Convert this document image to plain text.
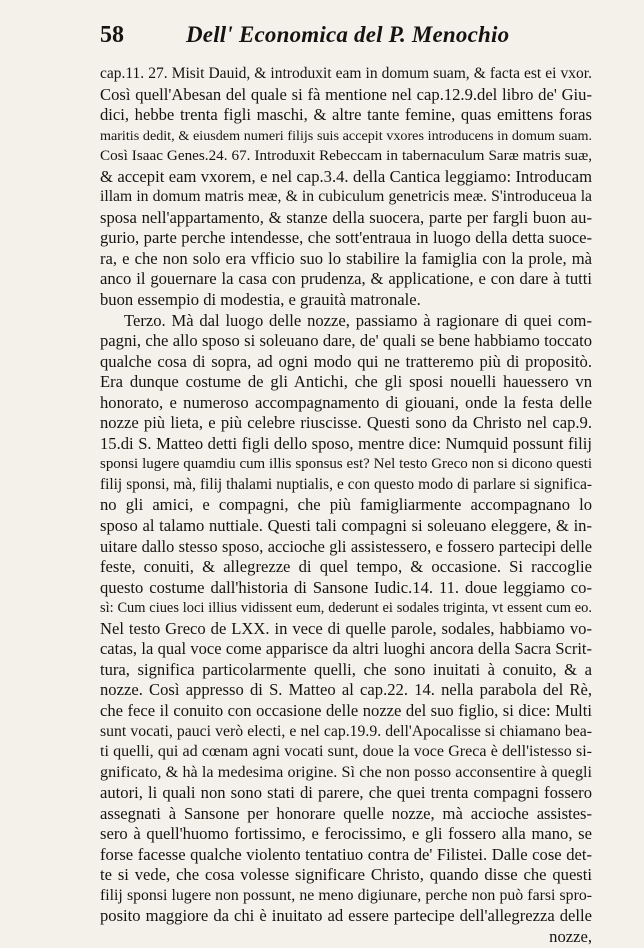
58	Dell' Economica del P. Menochio
cap.11. 27. Misit Dauid, & introduxit eam in domum suam, & facta est ei vxor.
Così quell'Abesan del quale si fà mentione nel cap.12.9.del libro de' Giu-
dici, hebbe trenta figli maschi, & altre tante femine, quas emittens foras
maritis dedit, & eiusdem numeri filijs suis accepit vxores introducens in domum suam.
Così Isaac Genes.24. 67. Introduxit Rebeccam in tabernaculum Saræ matris suæ,
& accepit eam vxorem, e nel cap.3.4. della Cantica leggiamo: Introducam
illam in domum matris meæ, & in cubiculum genetricis meæ. S'introduceua la
sposa nell'appartamento, & stanze della suocera, parte per fargli buon au-
gurio, parte perche intendesse, che sott'entraua in luogo della detta suoce-
ra, e che non solo era vfficio suo lo stabilire la famiglia con la prole, mà
anco il gouernare la casa con prudenza, & applicatione, e con dare à tutti
buon essempio di modestia, e grauità matronale.
Terzo. Mà dal luogo delle nozze, passiamo à ragionare di quei com-
pagni, che allo sposo si soleuano dare, de' quali se bene habbiamo toccato
qualche cosa di sopra, ad ogni modo qui ne tratteremo più di propositò.
Era dunque costume de gli Antichi, che gli sposi nouelli hauessero vn
honorato, e numeroso accompagnamento di giouani, onde la festa delle
nozze più lieta, e più celebre riuscisse. Questi sono da Christo nel cap.9.
15.di S. Matteo detti figli dello sposo, mentre dice: Numquid possunt filij
sponsi lugere quamdiu cum illis sponsus est? Nel testo Greco non si dicono questi
filij sponsi, mà, filij thalami nuptialis, e con questo modo di parlare si significa-
no gli amici, e compagni, che più famigliarmente accompagnano lo
sposo al talamo nuttiale. Questi tali compagni si soleuano eleggere, & in-
uitare dallo stesso sposo, accioche gli assistessero, e fossero partecipi delle
feste, conuiti, & allegrezze di quel tempo, & occasione. Si raccoglie
questo costume dall'historia di Sansone Iudic.14. 11. doue leggiamo co-
sì: Cum ciues loci illius vidissent eum, dederunt ei sodales triginta, vt essent cum eo.
Nel testo Greco de LXX. in vece di quelle parole, sodales, habbiamo vo-
catas, la qual voce come apparisce da altri luoghi ancora della Sacra Scrit-
tura, significa particolarmente quelli, che sono inuitati à conuito, & a
nozze. Così appresso di S. Matteo al cap.22. 14. nella parabola del Rè,
che fece il conuito con occasione delle nozze del suo figlio, si dice: Multi
sunt vocati, pauci verò electi, e nel cap.19.9. dell'Apocalisse si chiamano bea-
ti quelli, qui ad cœnam agni vocati sunt, doue la voce Greca è dell'istesso si-
gnificato, & hà la medesima origine. Sì che non posso acconsentire à quegli
autori, li quali non sono stati di parere, che quei trenta compagni fossero
assegnati à Sansone per honorare quelle nozze, mà accioche assistes-
sero à quell'huomo fortissimo, e ferocissimo, e gli fossero alla mano, se
forse facesse qualche violento tentatiuo contra de' Filistei. Dalle cose det-
te si vede, che cosa volesse significare Christo, quando disse che questi
filij sponsi lugere non possunt, ne meno digiunare, perche non può farsi spro-
posito maggiore da chi è inuitato ad essere partecipe dell'allegrezza delle
nozze,
